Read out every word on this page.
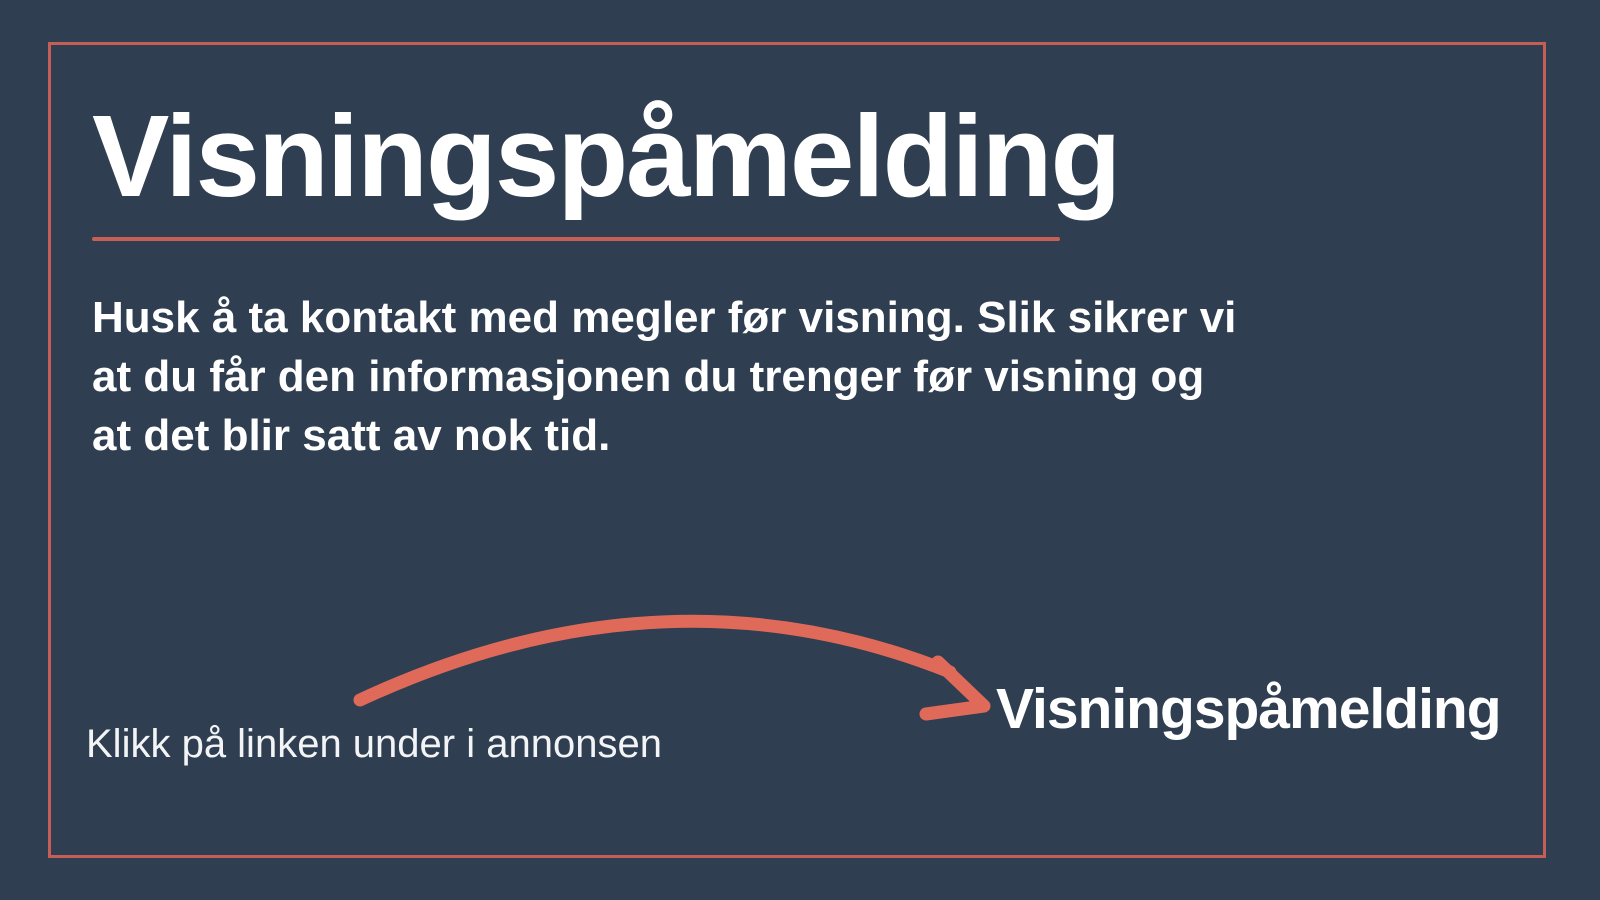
Visningspåmelding
Husk å ta kontakt med megler før visning. Slik sikrer vi
at du får den informasjonen du trenger før visning og
at det blir satt av nok tid.
Klikk på linken under i annonsen
Visningspåmelding
